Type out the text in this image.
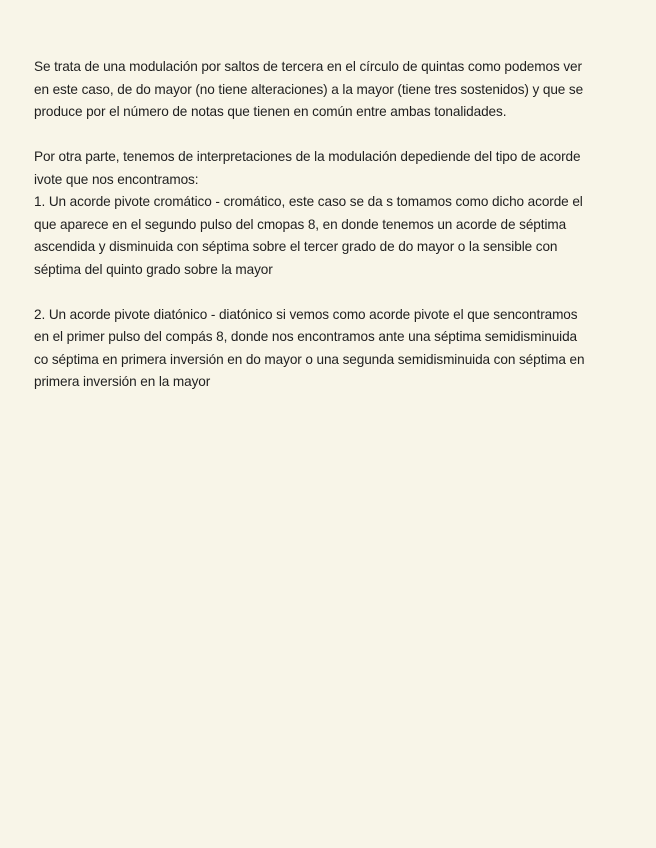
Se trata de una modulación por saltos de tercera en el círculo de quintas como podemos ver
en este caso, de do mayor (no tiene alteraciones) a la mayor (tiene tres sostenidos) y que se
produce por el número de notas que tienen en común entre ambas tonalidades.

Por otra parte, tenemos de interpretaciones de la modulación depediende del tipo de acorde
ivote que nos encontramos:
1. Un acorde pivote cromático - cromático, este caso se da s tomamos como dicho acorde el
que aparece en el segundo pulso del cmopas 8, en donde tenemos un acorde de séptima
ascendida y disminuida con séptima sobre el tercer grado de do mayor o la sensible con
séptima del quinto grado sobre la mayor

2. Un acorde pivote diatónico - diatónico si vemos como acorde pivote el que sencontramos
en el primer pulso del compás 8, donde nos encontramos ante una séptima semidisminuida
co séptima en primera inversión en do mayor o una segunda semidisminuida con séptima en
primera inversión en la mayor
